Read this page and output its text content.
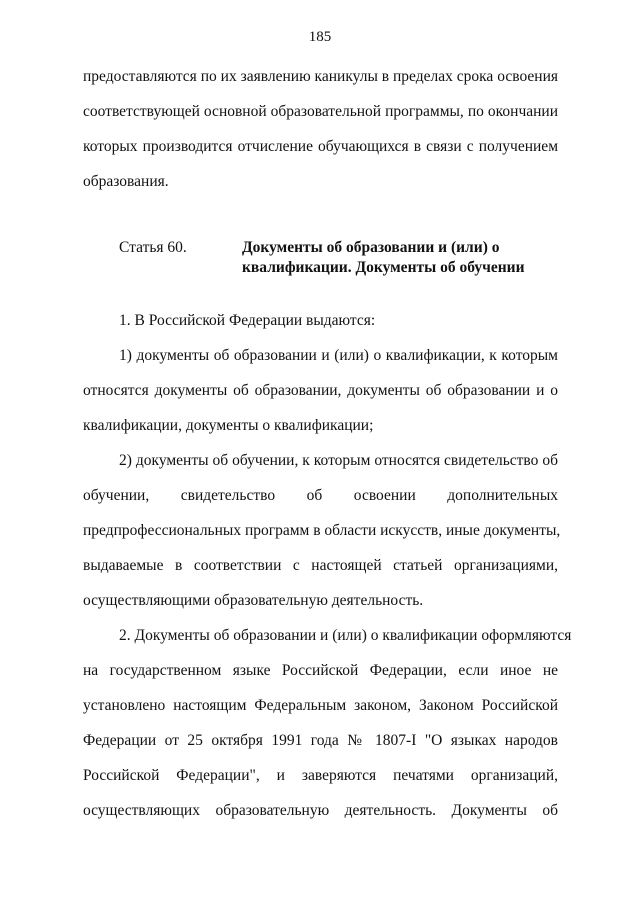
185
предоставляются по их заявлению каникулы в пределах срока освоения
соответствующей основной образовательной программы, по окончании
которых производится отчисление обучающихся в связи с получением
образования.
Статья 60.	Документы об образовании и (или) о
квалификации. Документы об обучении
1. В Российской Федерации выдаются:
1) документы об образовании и (или) о квалификации, к которым
относятся документы об образовании, документы об образовании и о
квалификации, документы о квалификации;
2) документы об обучении, к которым относятся свидетельство об
обучении, свидетельство об освоении дополнительных
предпрофессиональных программ в области искусств, иные документы,
выдаваемые в соответствии с настоящей статьей организациями,
осуществляющими образовательную деятельность.
2. Документы об образовании и (или) о квалификации оформляются
на государственном языке Российской Федерации, если иное не
установлено настоящим Федеральным законом, Законом Российской
Федерации от 25 октября 1991 года № 1807-I "О языках народов
Российской Федерации", и заверяются печатями организаций,
осуществляющих образовательную деятельность. Документы об
